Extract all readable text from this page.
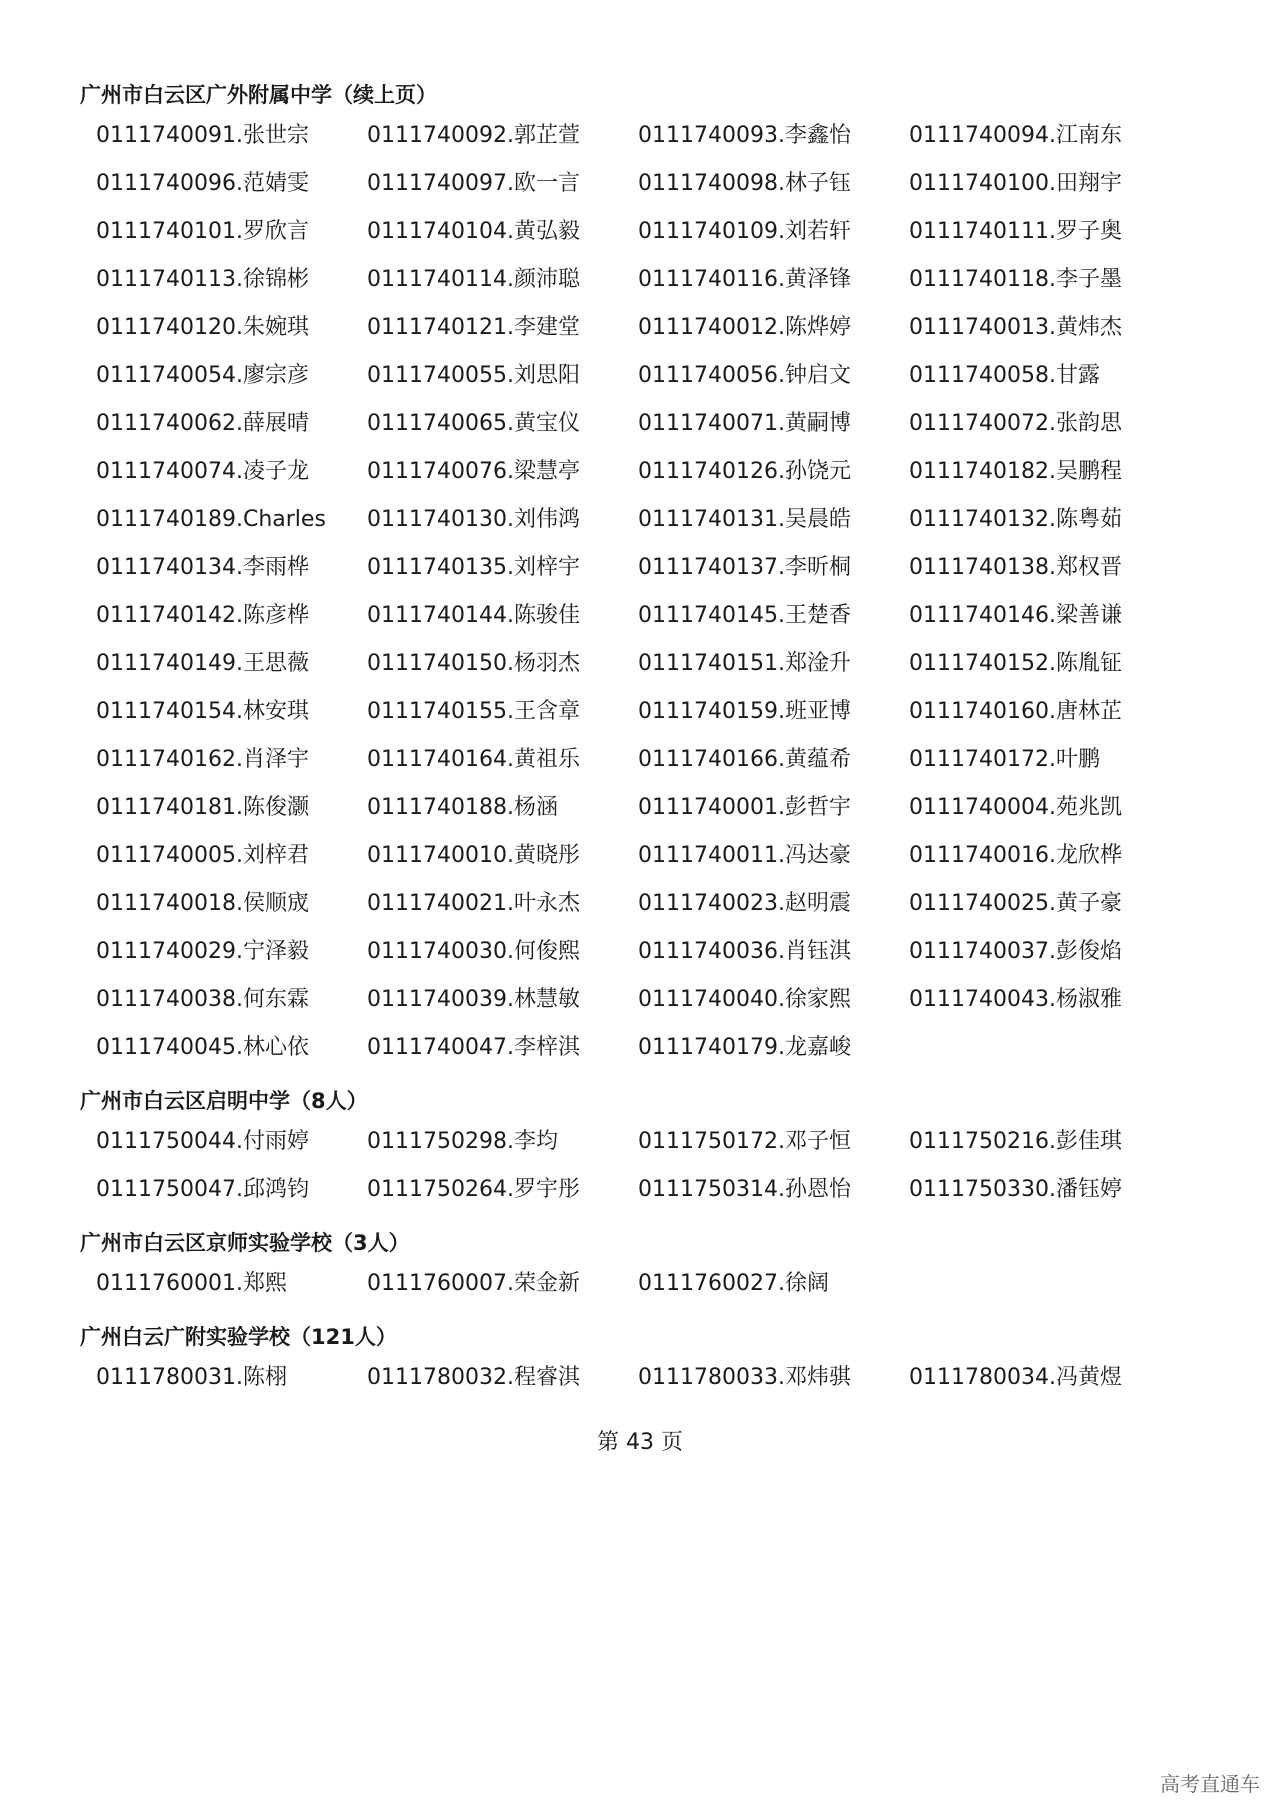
广州市白云区广外附属中学（续上页）
0111740091.张世宗	0111740092.郭芷萱	0111740093.李鑫怡	0111740094.江南东
0111740096.范婧雯	0111740097.欧一言	0111740098.林子钰	0111740100.田翔宇
0111740101.罗欣言	0111740104.黄弘毅	0111740109.刘若轩	0111740111.罗子奥
0111740113.徐锦彬	0111740114.颜沛聪	0111740116.黄泽锋	0111740118.李子墨
0111740120.朱婉琪	0111740121.李建堂	0111740012.陈烨婷	0111740013.黄炜杰
0111740054.廖宗彦	0111740055.刘思阳	0111740056.钟启文	0111740058.甘露
0111740062.薛展晴	0111740065.黄宝仪	0111740071.黄嗣博	0111740072.张韵思
0111740074.凌子龙	0111740076.梁慧亭	0111740126.孙饶元	0111740182.吴鹏程
0111740189.Charles	0111740130.刘伟鸿	0111740131.吴晨皓	0111740132.陈粤茹
0111740134.李雨桦	0111740135.刘梓宇	0111740137.李昕桐	0111740138.郑权晋
0111740142.陈彦桦	0111740144.陈骏佳	0111740145.王楚香	0111740146.梁善谦
0111740149.王思薇	0111740150.杨羽杰	0111740151.郑淦升	0111740152.陈胤钲
0111740154.林安琪	0111740155.王含章	0111740159.班亚博	0111740160.唐林芷
0111740162.肖泽宇	0111740164.黄祖乐	0111740166.黄蕴希	0111740172.叶鹏
0111740181.陈俊灏	0111740188.杨涵	0111740001.彭哲宇	0111740004.苑兆凯
0111740005.刘梓君	0111740010.黄晓彤	0111740011.冯达豪	0111740016.龙欣桦
0111740018.侯顺宬	0111740021.叶永杰	0111740023.赵明震	0111740025.黄子豪
0111740029.宁泽毅	0111740030.何俊熙	0111740036.肖钰淇	0111740037.彭俊焰
0111740038.何东霖	0111740039.林慧敏	0111740040.徐家熙	0111740043.杨淑雅
0111740045.林心依	0111740047.李梓淇	0111740179.龙嘉峻
广州市白云区启明中学（8人）
0111750044.付雨婷	0111750298.李均	0111750172.邓子恒	0111750216.彭佳琪
0111750047.邱鸿钧	0111750264.罗宇彤	0111750314.孙恩怡	0111750330.潘钰婷
广州市白云区京师实验学校（3人）
0111760001.郑熙	0111760007.荣金新	0111760027.徐阔
广州白云广附实验学校（121人）
0111780031.陈栩	0111780032.程睿淇	0111780033.邓炜骐	0111780034.冯黄煜
第 43 页
高考直通车
